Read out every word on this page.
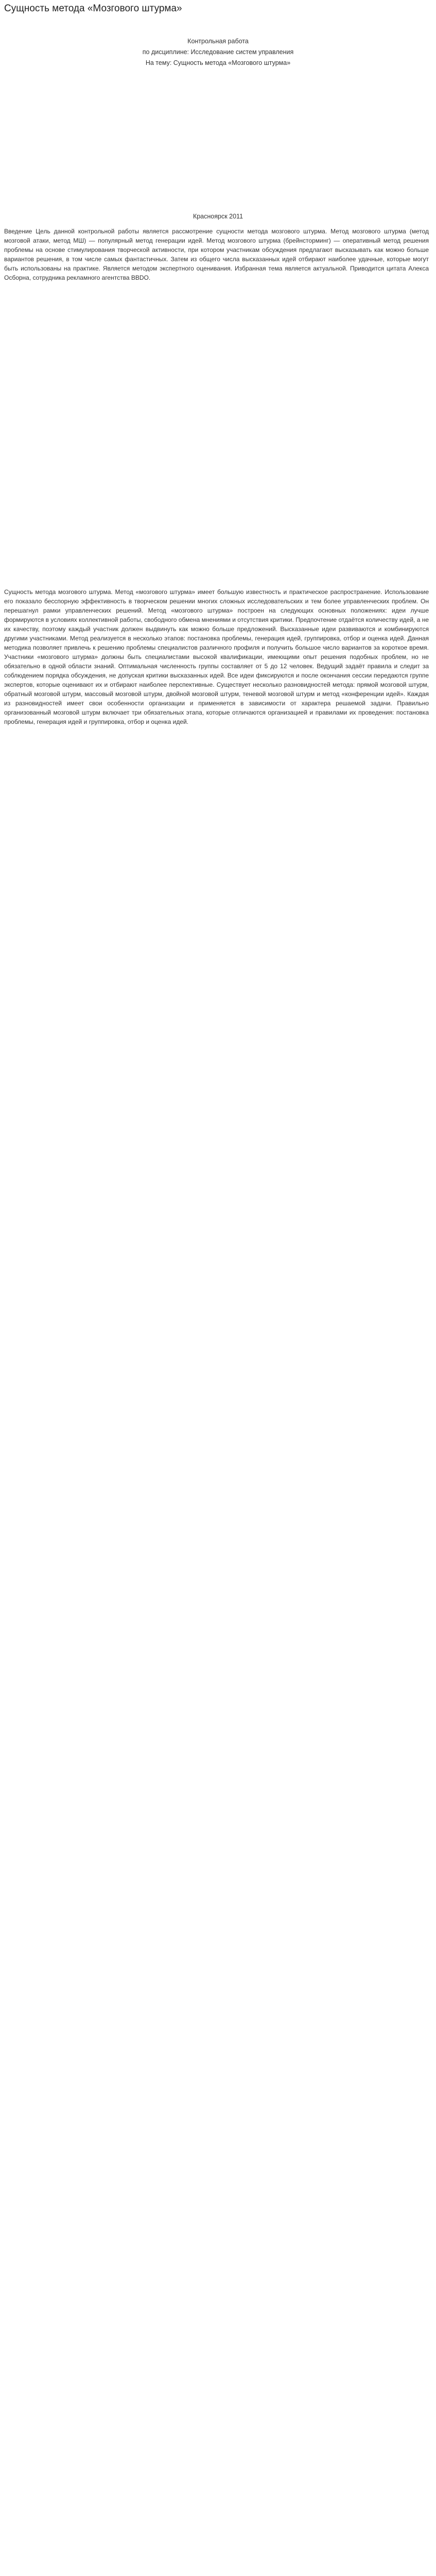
Сущность метода «Мозгового штурма»
Контрольная работа
по дисциплине: Исследование систем управления
На тему: Сущность метода «Мозгового штурма»
Красноярск 2011

Введение Цель данной контрольной работы является рассмотрение сущности метода мозгового штурма. Метод мозгового штурма (метод мозговой атаки, метод МШ) — популярный метод генерации идей. Метод мозгового штурма (брейнсторминг) — оперативный метод решения проблемы на основе стимулирования творческой активности, при котором участникам обсуждения предлагают высказывать как можно больше вариантов решения, в том числе самых фантастичных. Затем из общего числа высказанных идей отбирают наиболее удачные, которые могут быть использованы на практике. Является методом экспертного оценивания. Избранная тема является актуальной. Приводится цитата Алекса Осборна, сотрудника рекламного агентства BBDO.

Сущность метода мозгового штурма. Метод «мозгового штурма» имеет большую известность и практическое распространение. Использование его показало бесспорную эффективность в творческом решении многих сложных исследовательских и тем более управленческих проблем. Он перешагнул рамки управленческих решений. Метод «мозгового штурма» построен на следующих основных положениях: идеи лучше формируются в условиях коллективной работы, свободного обмена мнениями и отсутствия критики. Предпочтение отдаётся количеству идей, а не их качеству, поэтому каждый участник должен выдвинуть как можно больше предложений. Высказанные идеи развиваются и комбинируются другими участниками. Метод реализуется в несколько этапов: постановка проблемы, генерация идей, группировка, отбор и оценка идей. Данная методика позволяет привлечь к решению проблемы специалистов различного профиля и получить большое число вариантов за короткое время. Участники «мозгового штурма» должны быть специалистами высокой квалификации, имеющими опыт решения подобных проблем, но не обязательно в одной области знаний. Оптимальная численность группы составляет от 5 до 12 человек. Ведущий задаёт правила и следит за соблюдением порядка обсуждения, не допуская критики высказанных идей. Все идеи фиксируются и после окончания сессии передаются группе экспертов, которые оценивают их и отбирают наиболее перспективные. Существует несколько разновидностей метода: прямой мозговой штурм, обратный мозговой штурм, массовый мозговой штурм, двойной мозговой штурм, теневой мозговой штурм и метод «конференции идей». Каждая из разновидностей имеет свои особенности организации и применяется в зависимости от характера решаемой задачи. Правильно организованный мозговой штурм включает три обязательных этапа, которые отличаются организацией и правилами их проведения: постановка проблемы, генерация идей и группировка, отбор и оценка идей.
